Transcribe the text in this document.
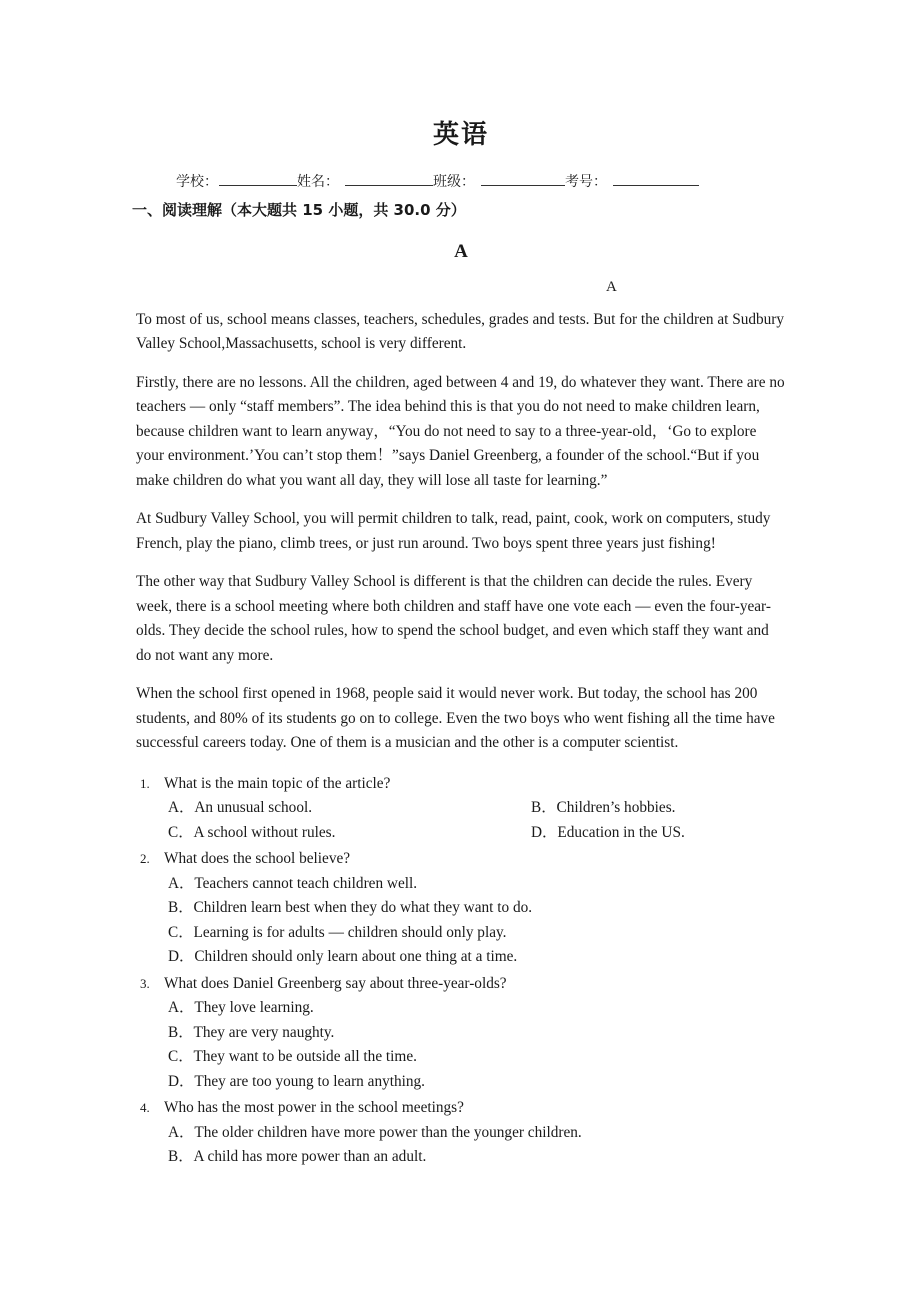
英语
学校：	姓名：	班级：	考号：
一、阅读理解（本大题共 15 小题，共 30.0 分）
A
A

To most of us, school means classes, teachers, schedules, grades and tests. But for the children at Sudbury Valley School,Massachusetts, school is very different.

Firstly, there are no lessons. All the children, aged between 4 and 19, do whatever they want. There are no teachers — only “staff members”. The idea behind this is that you do not need to make children learn, because children want to learn anyway，“You do not need to say to a three-year-old，‘Go to explore your environment.’You can’t stop them！”says Daniel Greenberg, a founder of the school.“But if you make children do what you want all day, they will lose all taste for learning.”

At Sudbury Valley School, you will permit children to talk, read, paint, cook, work on computers, study French, play the piano, climb trees, or just run around. Two boys spent three years just fishing!

The other way that Sudbury Valley School is different is that the children can decide the rules. Every week, there is a school meeting where both children and staff have one vote each — even the four-year-olds. They decide the school rules, how to spend the school budget, and even which staff they want and do not want any more.

When the school first opened in 1968, people said it would never work. But today, the school has 200 students, and 80% of its students go on to college. Even the two boys who went fishing all the time have successful careers today. One of them is a musician and the other is a computer scientist.

1. What is the main topic of the article?
A．An unusual school.	B．Children’s hobbies.
C．A school without rules.	D．Education in the US.
2. What does the school believe?
A．Teachers cannot teach children well.
B．Children learn best when they do what they want to do.
C．Learning is for adults — children should only play.
D．Children should only learn about one thing at a time.
3. What does Daniel Greenberg say about three-year-olds?
A．They love learning.
B．They are very naughty.
C．They want to be outside all the time.
D．They are too young to learn anything.
4. Who has the most power in the school meetings?
A．The older children have more power than the younger children.
B．A child has more power than an adult.
